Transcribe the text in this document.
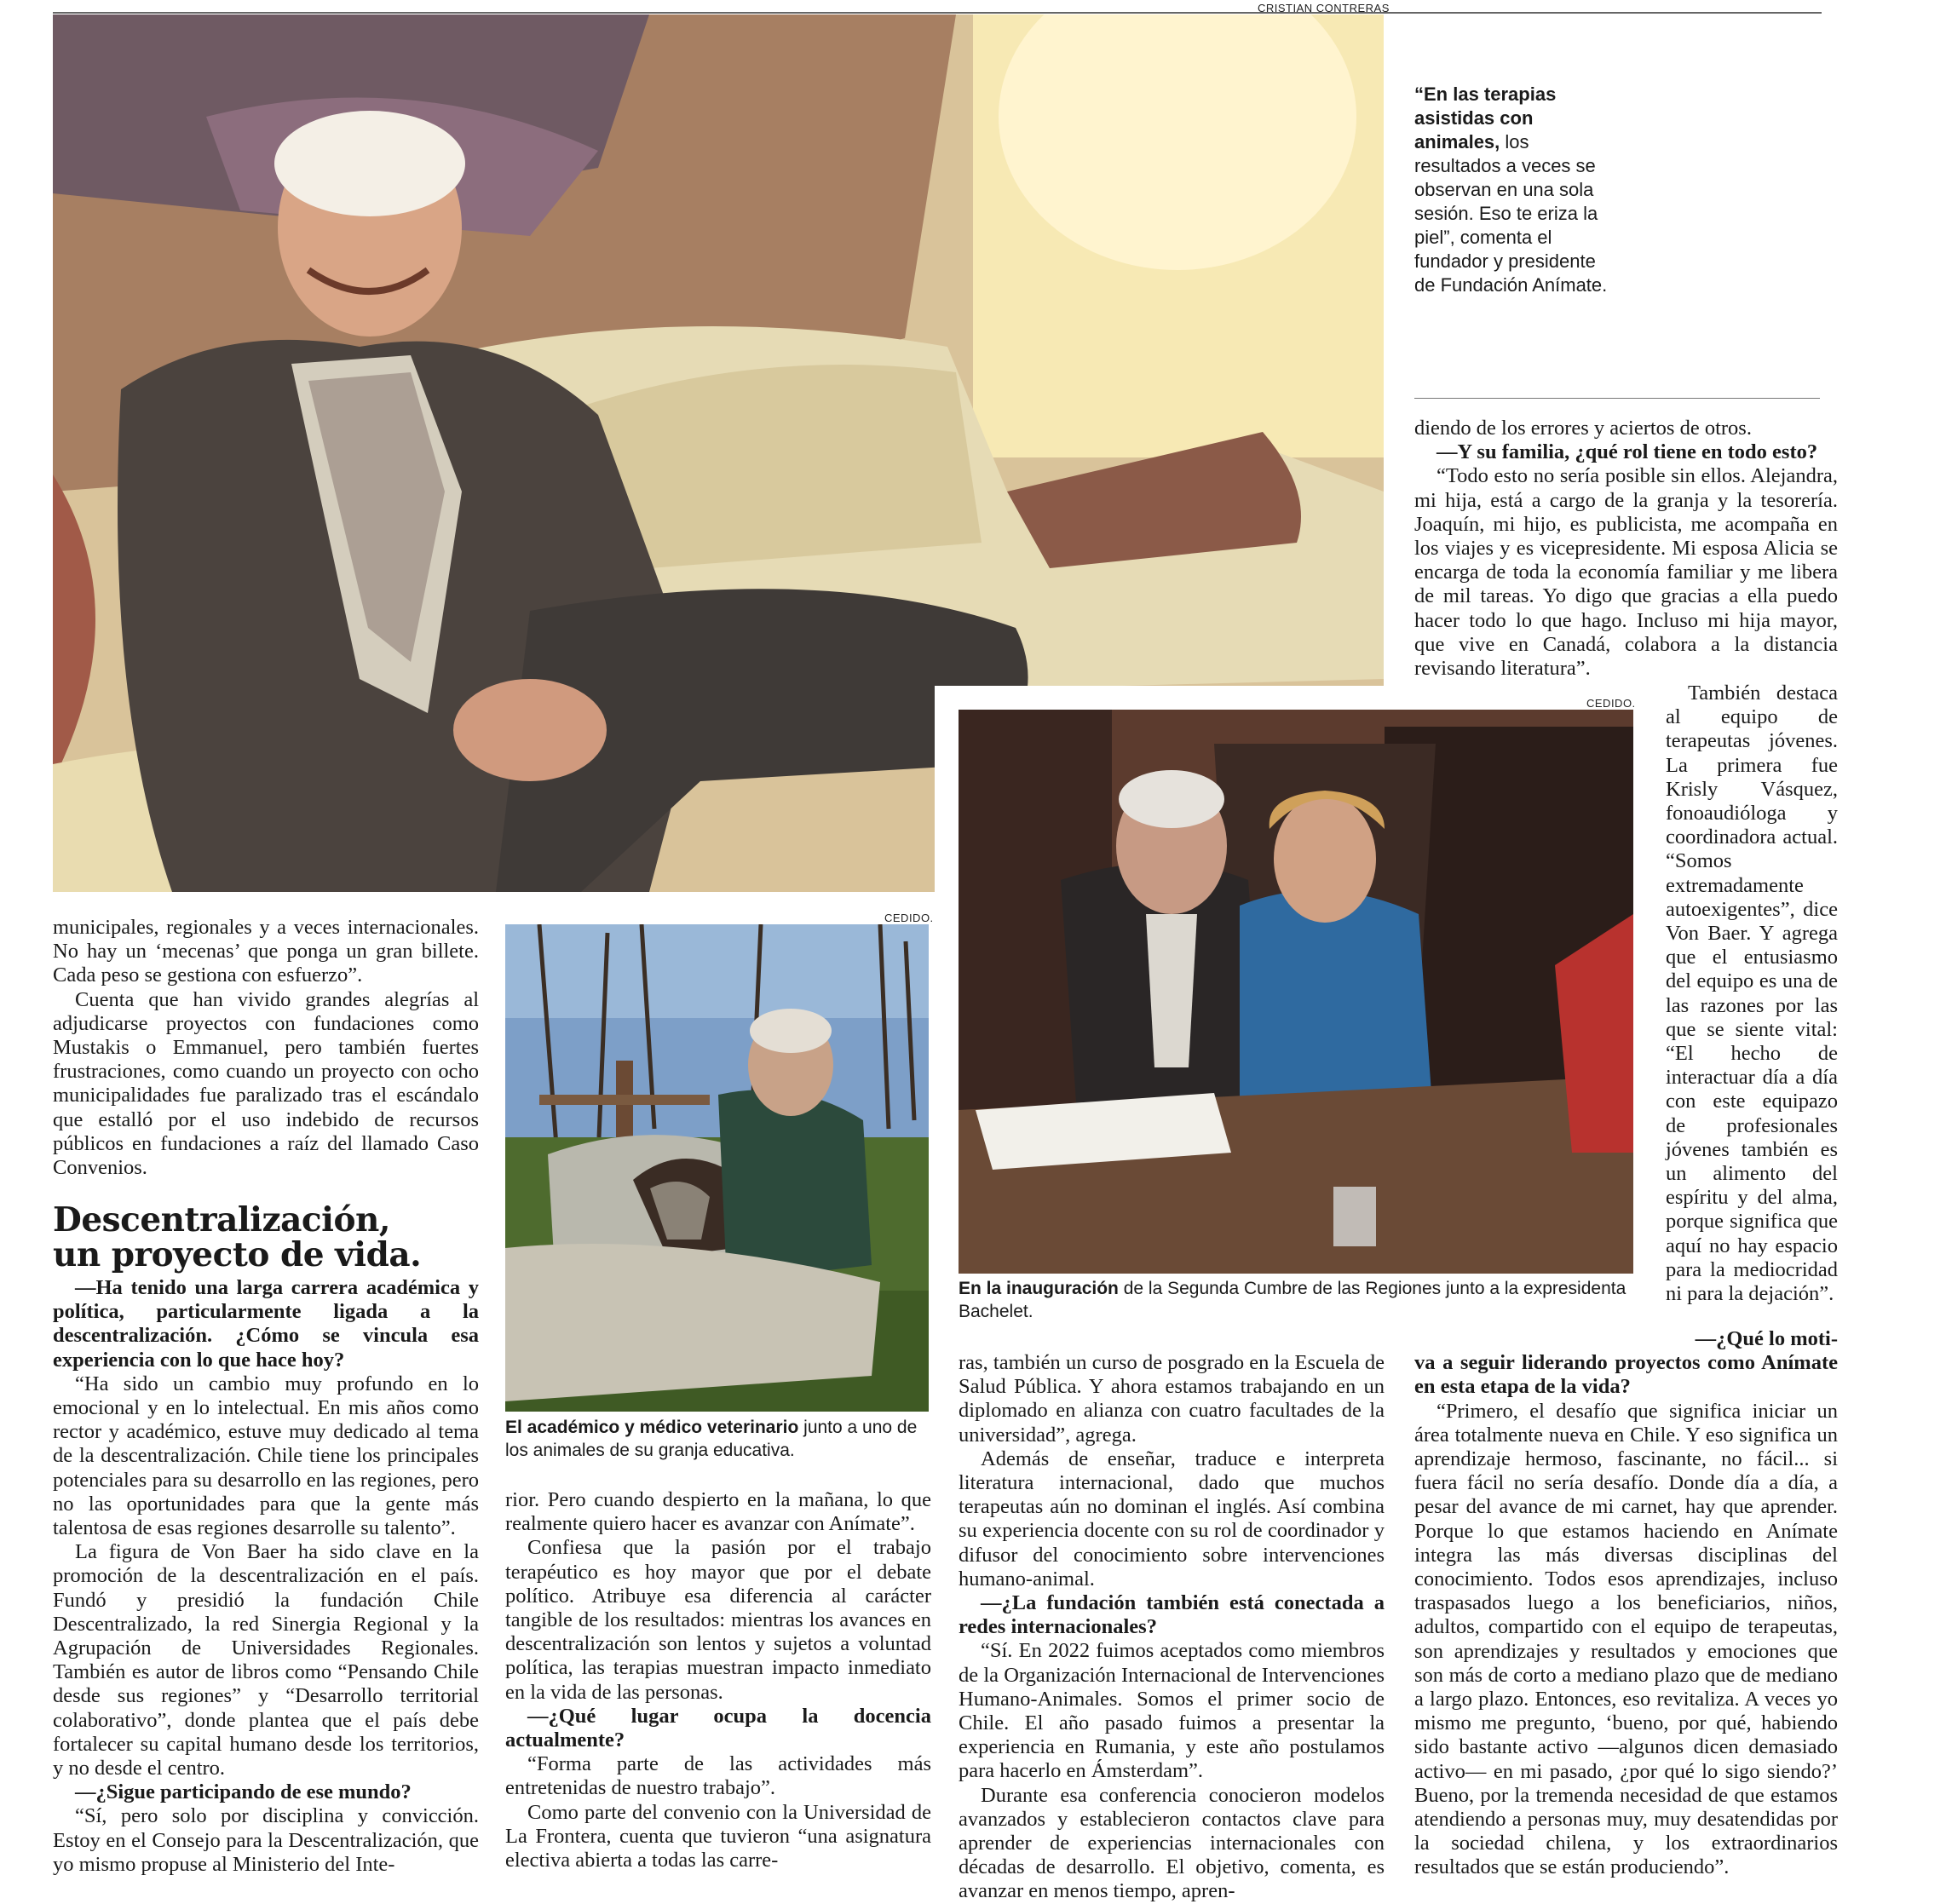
CRISTIAN CONTRERAS
“En las terapias asistidas con animales, los resultados a veces se observan en una sola sesión. Eso te eriza la piel”, comenta el fundador y presidente de Fundación Anímate.

municipales, regionales y a veces internacionales. No hay un ‘mecenas’ que ponga un gran billete. Cada peso se gestiona con esfuerzo”.

Cuenta que han vivido grandes alegrías al adjudicarse proyectos con fundaciones como Mustakis o Emmanuel, pero también fuertes frustraciones, como cuando un proyecto con ocho municipalidades fue paralizado tras el escándalo que estalló por el uso indebido de recursos públicos en fundaciones a raíz del llamado Caso Convenios.

Descentralización,
un proyecto de vida.

—Ha tenido una larga carrera académica y política, particularmente ligada a la descentralización. ¿Cómo se vincula esa experiencia con lo que hace hoy?

“Ha sido un cambio muy profundo en lo emocional y en lo intelectual. En mis años como rector y académico, estuve muy dedicado al tema de la descentralización. Chile tiene los principales potenciales para su desarrollo en las regiones, pero no las oportunidades para que la gente más talentosa de esas regiones desarrolle su talento”.

La figura de Von Baer ha sido clave en la promoción de la descentralización en el país. Fundó y presidió la fundación Chile Descentralizado, la red Sinergia Regional y la Agrupación de Universidades Regionales. También es autor de libros como “Pensando Chile desde sus regiones” y “Desarrollo territorial colaborativo”, donde plantea que el país debe fortalecer su capital humano desde los territorios, y no desde el centro.

—¿Sigue participando de ese mundo?

“Sí, pero solo por disciplina y convicción. Estoy en el Consejo para la Descentralización, que yo mismo propuse al Ministerio del Inte-

CEDIDO.
El académico y médico veterinario junto a uno de los animales de su granja educativa.

rior. Pero cuando despierto en la mañana, lo que realmente quiero hacer es avanzar con Anímate”.

Confiesa que la pasión por el trabajo terapéutico es hoy mayor que por el debate político. Atribuye esa diferencia al carácter tangible de los resultados: mientras los avances en descentralización son lentos y sujetos a voluntad política, las terapias muestran impacto inmediato en la vida de las personas.

—¿Qué lugar ocupa la docencia actualmente?

“Forma parte de las actividades más entretenidas de nuestro trabajo”.

Como parte del convenio con la Universidad de La Frontera, cuenta que tuvieron “una asignatura electiva abierta a todas las carre-

CEDIDO.
En la inauguración de la Segunda Cumbre de las Regiones junto a la expresidenta Bachelet.

ras, también un curso de posgrado en la Escuela de Salud Pública. Y ahora estamos trabajando en un diplomado en alianza con cuatro facultades de la universidad”, agrega.

Además de enseñar, traduce e interpreta literatura internacional, dado que muchos terapeutas aún no dominan el inglés. Así combina su experiencia docente con su rol de coordinador y difusor del conocimiento sobre intervenciones humano-animal.

—¿La fundación también está conectada a redes internacionales?

“Sí. En 2022 fuimos aceptados como miembros de la Organización Internacional de Intervenciones Humano-Animales. Somos el primer socio de Chile. El año pasado fuimos a presentar la experiencia en Rumania, y este año postulamos para hacerlo en Ámsterdam”.

Durante esa conferencia conocieron modelos avanzados y establecieron contactos clave para aprender de experiencias internacionales con décadas de desarrollo. El objetivo, comenta, es avanzar en menos tiempo, apren-

diendo de los errores y aciertos de otros.

—Y su familia, ¿qué rol tiene en todo esto?

“Todo esto no sería posible sin ellos. Alejandra, mi hija, está a cargo de la granja y la tesorería. Joaquín, mi hijo, es publicista, me acompaña en los viajes y es vicepresidente. Mi esposa Alicia se encarga de toda la economía familiar y me libera de mil tareas. Yo digo que gracias a ella puedo hacer todo lo que hago. Incluso mi hija mayor, que vive en Canadá, colabora a la distancia revisando literatura”.

También destaca al equipo de terapeutas jóvenes. La primera fue Krisly Vásquez, fonoaudióloga y coordinadora actual. “Somos extremadamente autoexigentes”, dice Von Baer. Y agrega que el entusiasmo del equipo es una de las razones por las que se siente vital: “El hecho de interactuar día a día con este equipazo de profesionales jóvenes también es un alimento del espíritu y del alma, porque significa que aquí no hay espacio para la mediocridad ni para la dejación”.

—¿Qué lo moti-

va a seguir liderando proyectos como Anímate en esta etapa de la vida?

“Primero, el desafío que significa iniciar un área totalmente nueva en Chile. Y eso significa un aprendizaje hermoso, fascinante, no fácil... si fuera fácil no sería desafío. Donde día a día, a pesar del avance de mi carnet, hay que aprender. Porque lo que estamos haciendo en Anímate integra las más diversas disciplinas del conocimiento. Todos esos aprendizajes, incluso traspasados luego a los beneficiarios, niños, adultos, compartido con el equipo de terapeutas, son aprendizajes y resultados y emociones que son más de corto a mediano plazo que de mediano a largo plazo. Entonces, eso revitaliza. A veces yo mismo me pregunto, ‘bueno, por qué, habiendo sido bastante activo —algunos dicen demasiado activo— en mi pasado, ¿por qué lo sigo siendo?’ Bueno, por la tremenda necesidad de que estamos atendiendo a personas muy, muy desatendidas por la sociedad chilena, y los extraordinarios resultados que se están produciendo”.
